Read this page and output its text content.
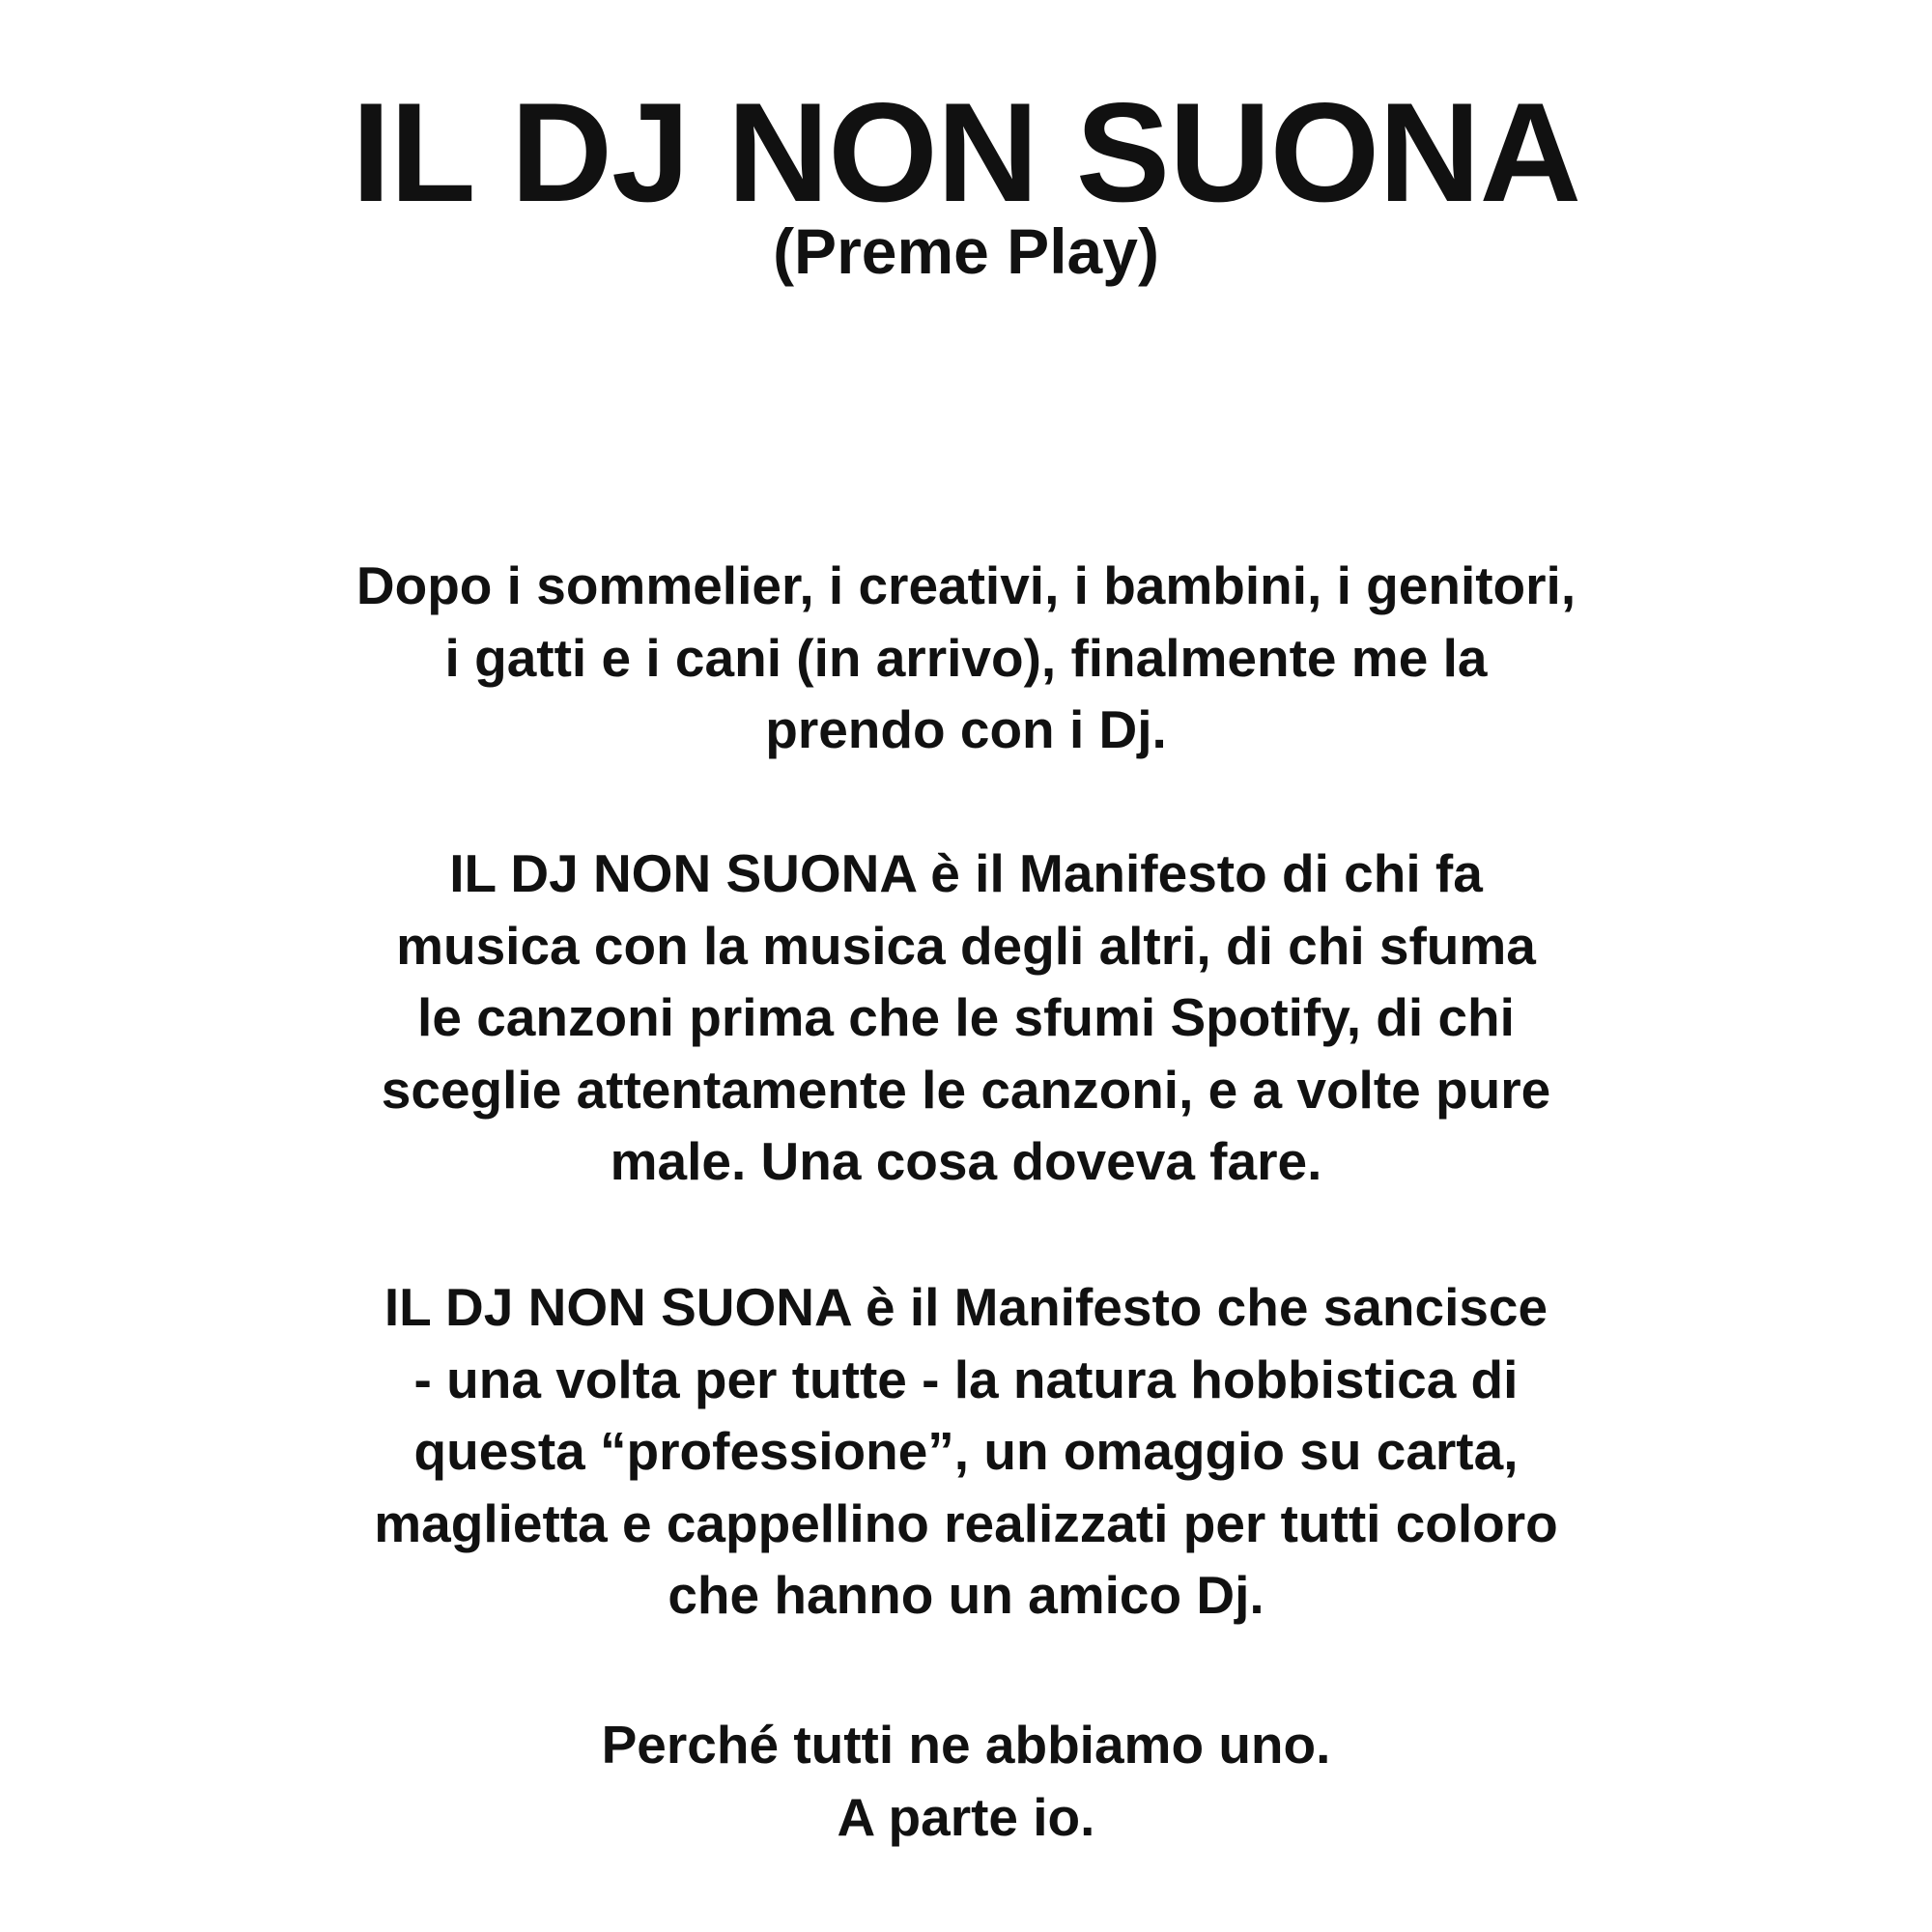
IL DJ NON SUONA
(Preme Play)
Dopo i sommelier, i creativi, i bambini, i genitori,
i gatti e i cani (in arrivo), finalmente me la
prendo con i Dj.
IL DJ NON SUONA è il Manifesto di chi fa
musica con la musica degli altri, di chi sfuma
le canzoni prima che le sfumi Spotify, di chi
sceglie attentamente le canzoni, e a volte pure
male. Una cosa doveva fare.
IL DJ NON SUONA è il Manifesto che sancisce
- una volta per tutte - la natura hobbistica di
questa “professione”, un omaggio su carta,
maglietta e cappellino realizzati per tutti coloro
che hanno un amico Dj.
Perché tutti ne abbiamo uno.
A parte io.
